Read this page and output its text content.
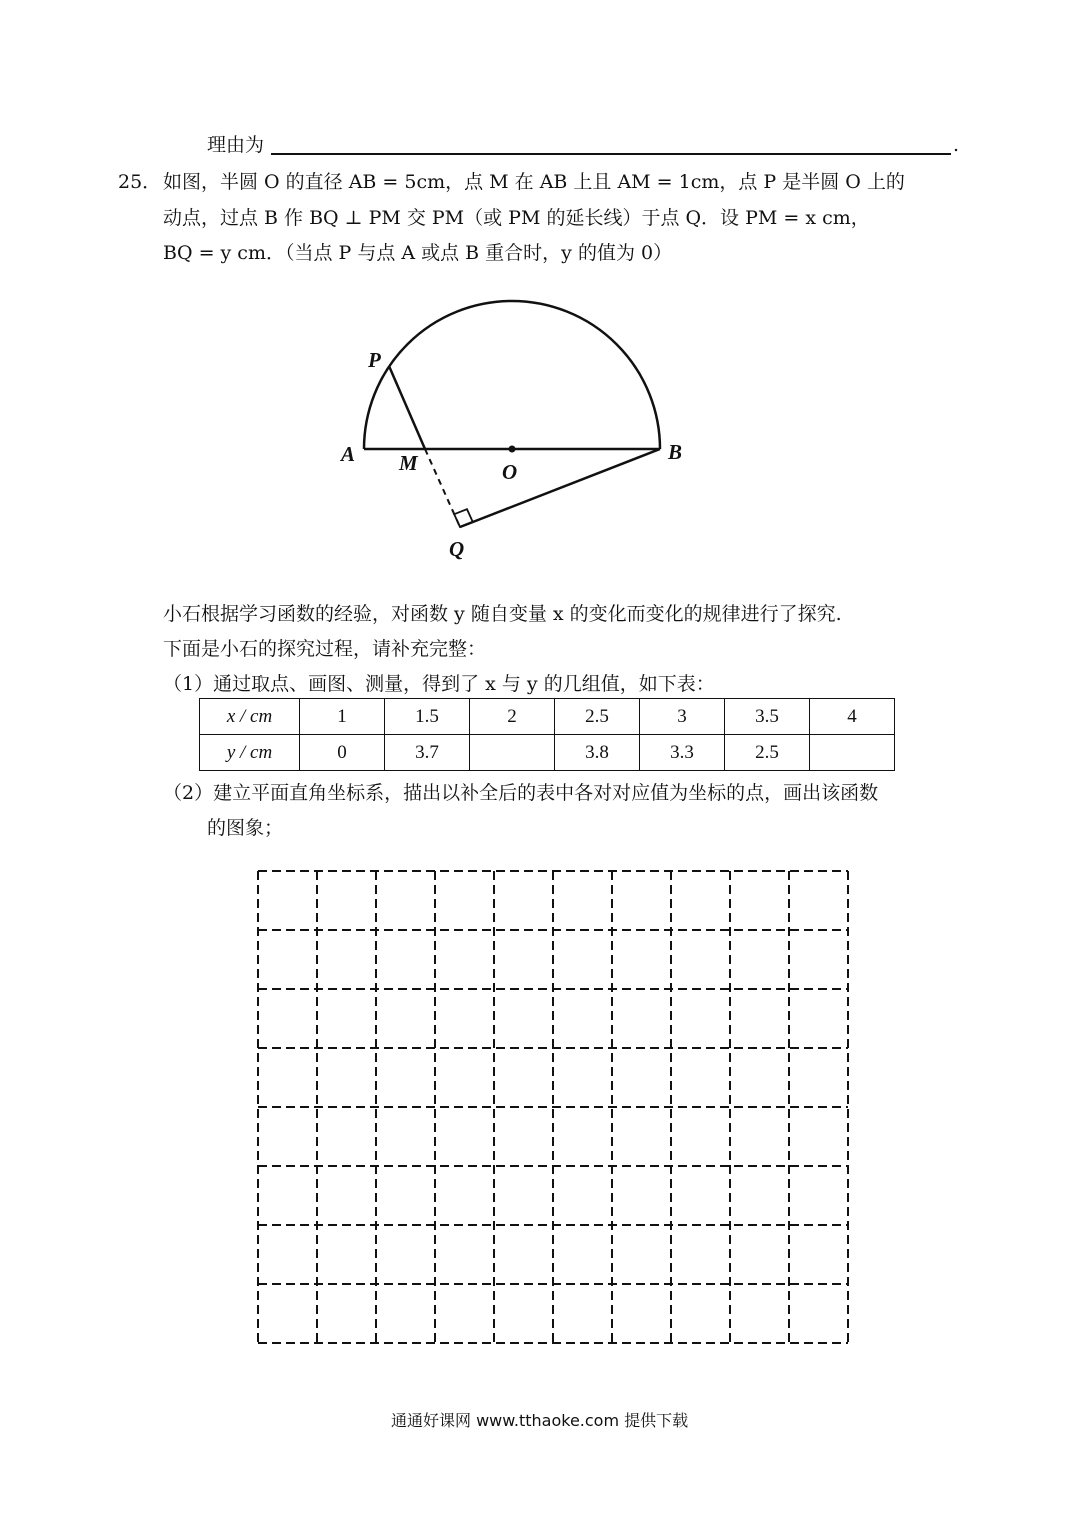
理由为	.
25． 如图，半圆 O 的直径 AB = 5cm，点 M 在 AB 上且 AM = 1cm，点 P 是半圆 O 上的
动点，过点 B 作 BQ ⊥ PM 交 PM（或 PM 的延长线）于点 Q．设 PM = x cm，
BQ = y cm．（当点 P 与点 A 或点 B 重合时，y 的值为 0）
P
A M	O
B
Q
小石根据学习函数的经验，对函数 y 随自变量 x 的变化而变化的规律进行了探究.
下面是小石的探究过程，请补充完整：
（1）通过取点、画图、测量，得到了 x 与 y 的几组值，如下表：
x / cm	1	1.5	2	2.5	3	3.5	4
y / cm	0	3.7		3.8	3.3	2.5	
（2）建立平面直角坐标系，描出以补全后的表中各对对应值为坐标的点，画出该函数
的图象；
通通好课网 www.tthaoke.com 提供下载
